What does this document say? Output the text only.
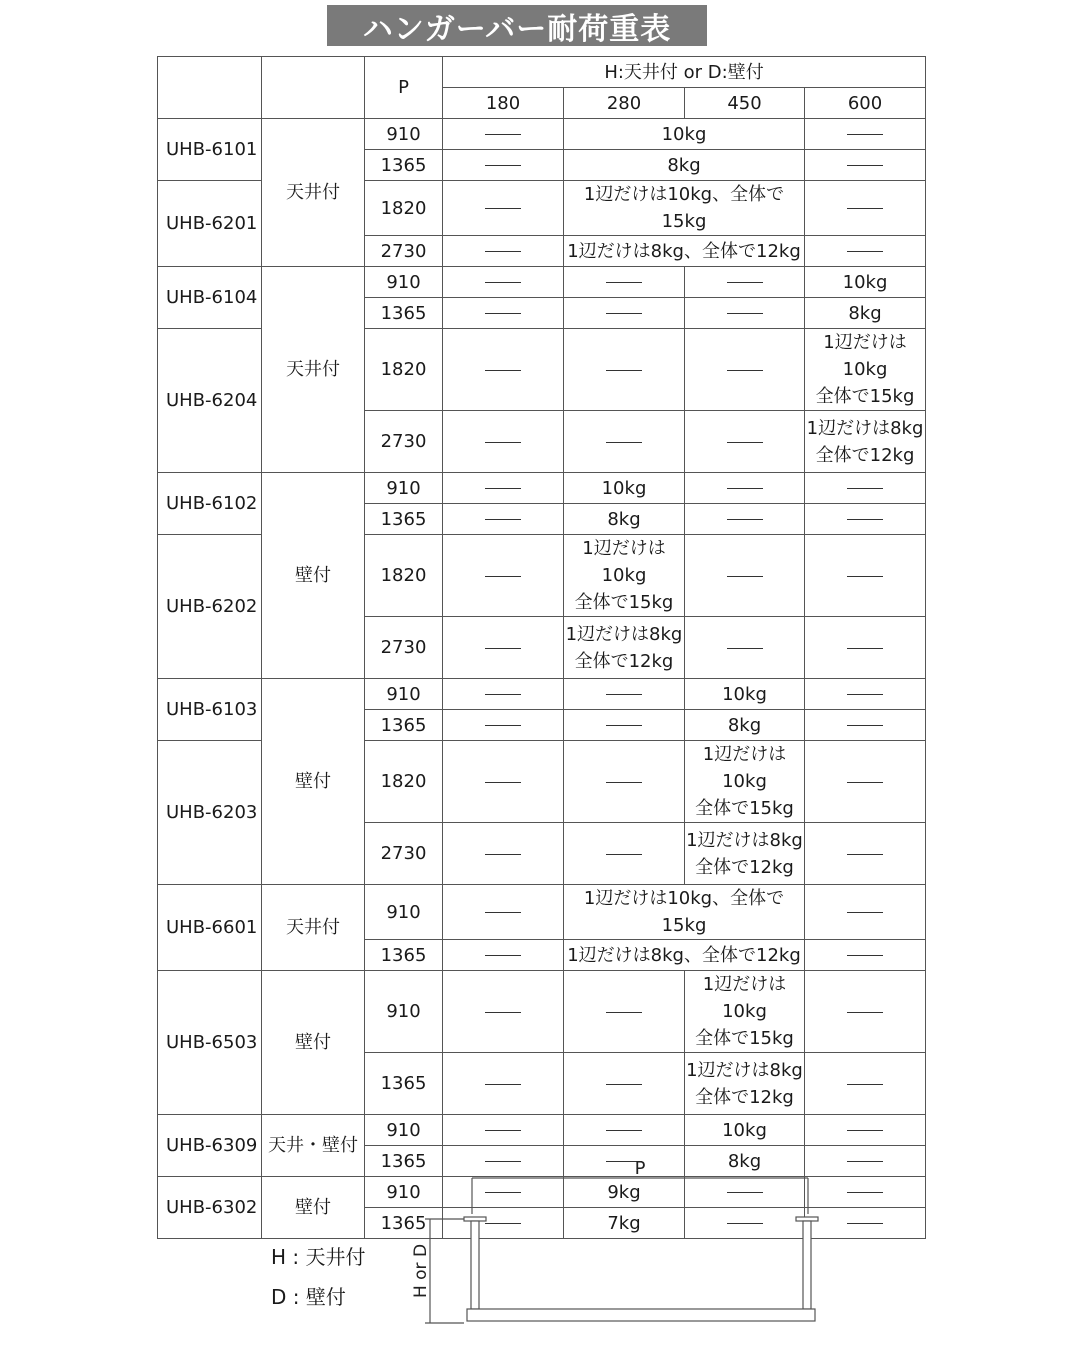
ハンガーバー耐荷重表
		P	H:天井付 or D:壁付			
			180	280	450	600
UHB-6101	天井付	910		10kg		
		1365		8kg		
UHB-6201		1820		1辺だけは10kg、全体で15kg		
		2730		1辺だけは8kg、全体で12kg		
UHB-6104	天井付	910				10kg
		1365				8kg
UHB-6204		1820				1辺だけは10kg
全体で15kg

		2730				1辺だけは8kg
全体で12kg

UHB-6102	壁付	910		10kg		
		1365		8kg		
UHB-6202		1820		1辺だけは10kg
全体で15kg		

		2730		1辺だけは8kg
全体で12kg		

UHB-6103	壁付	910			10kg	
		1365			8kg	
UHB-6203		1820			1辺だけは10kg
全体で15kg	

		2730			1辺だけは8kg
全体で12kg	

UHB-6601	天井付	910		1辺だけは10kg、全体で15kg		
		1365		1辺だけは8kg、全体で12kg		
UHB-6503	壁付	910			1辺だけは10kg
全体で15kg	

		1365			1辺だけは8kg
全体で12kg	

UHB-6309	天井・壁付	910			10kg	
		1365			8kg	
UHB-6302	壁付	910		9kg		
		1365		7kg		
H : 天井付
D : 壁付
P
H or D
